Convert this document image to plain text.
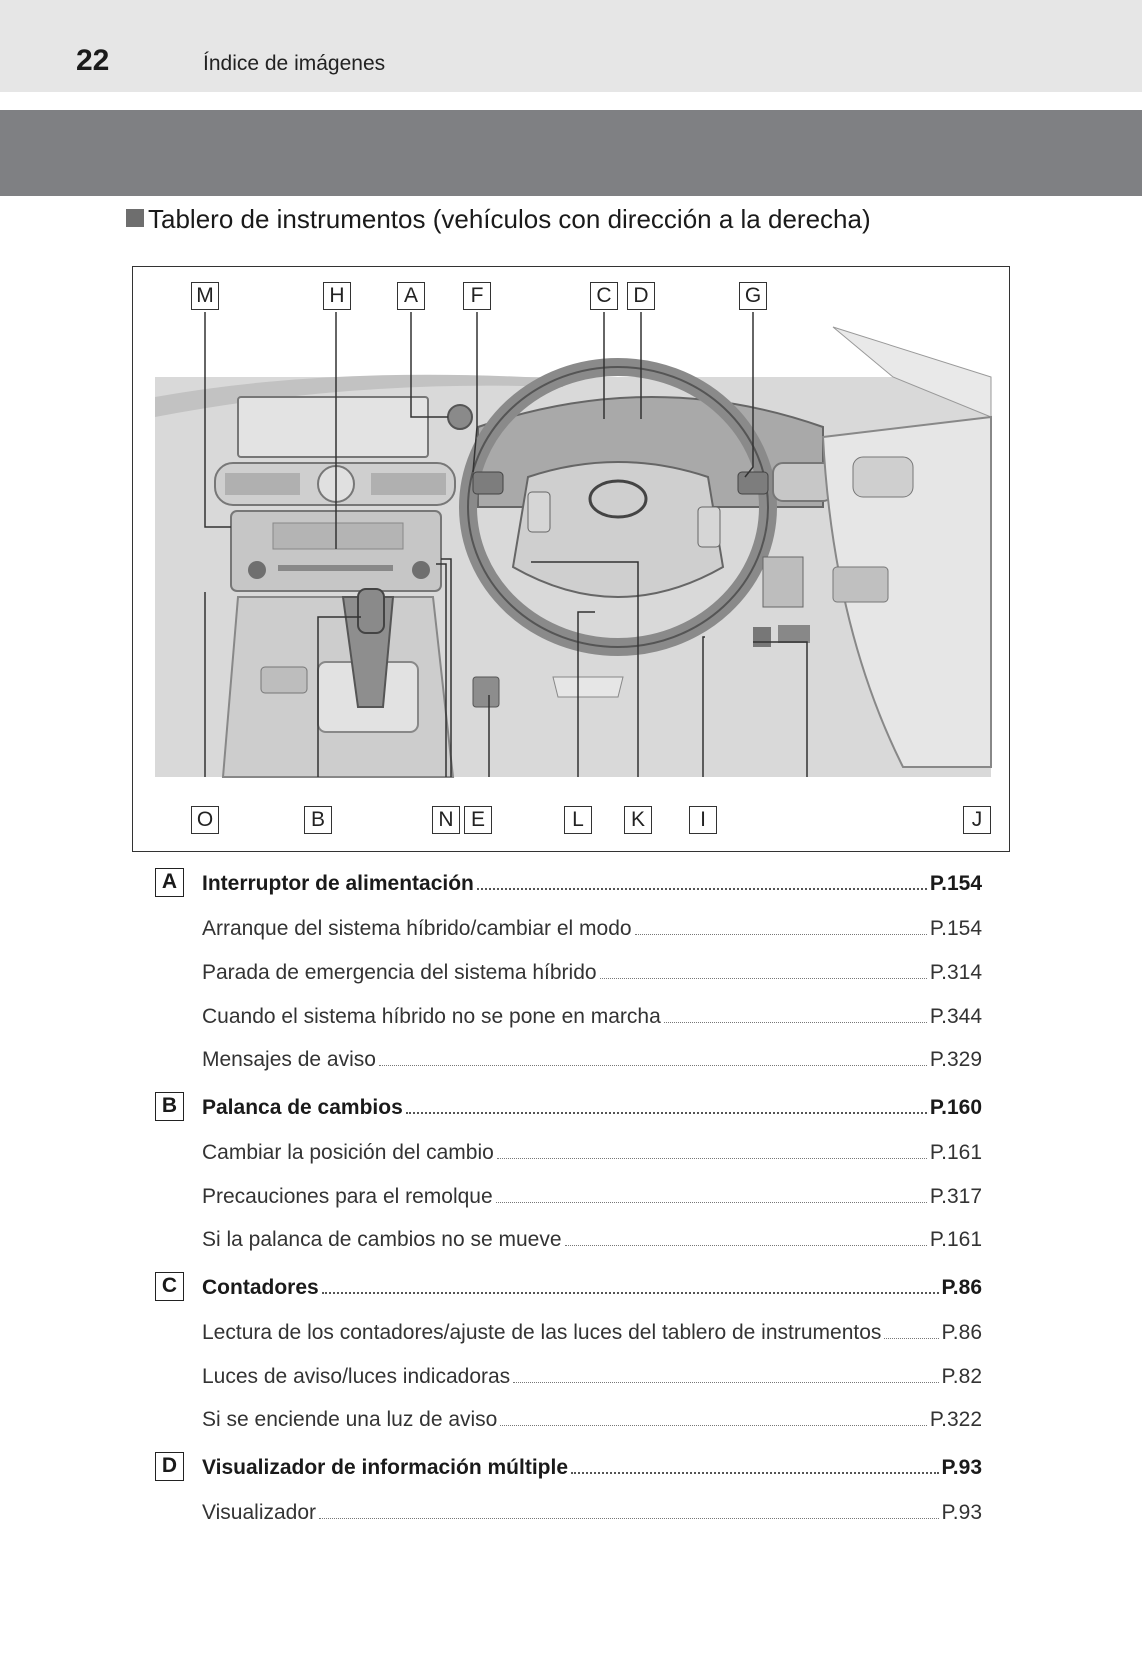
22	Índice de imágenes
Tablero de instrumentos (vehículos con dirección a la derecha)
M	H	A	F	C	D	G
O	B	N E	L	K	I	J
A	Interruptor de alimentación	P.154
Arranque del sistema híbrido/cambiar el modo	P.154
Parada de emergencia del sistema híbrido	P.314
Cuando el sistema híbrido no se pone en marcha	P.344
Mensajes de aviso	P.329
B	Palanca de cambios	P.160
Cambiar la posición del cambio	P.161
Precauciones para el remolque	P.317
Si la palanca de cambios no se mueve	P.161
C	Contadores	P.86
Lectura de los contadores/ajuste de las luces del tablero de instrumentos	P.86
Luces de aviso/luces indicadoras	P.82
Si se enciende una luz de aviso	P.322
D	Visualizador de información múltiple	P.93
Visualizador	P.93
